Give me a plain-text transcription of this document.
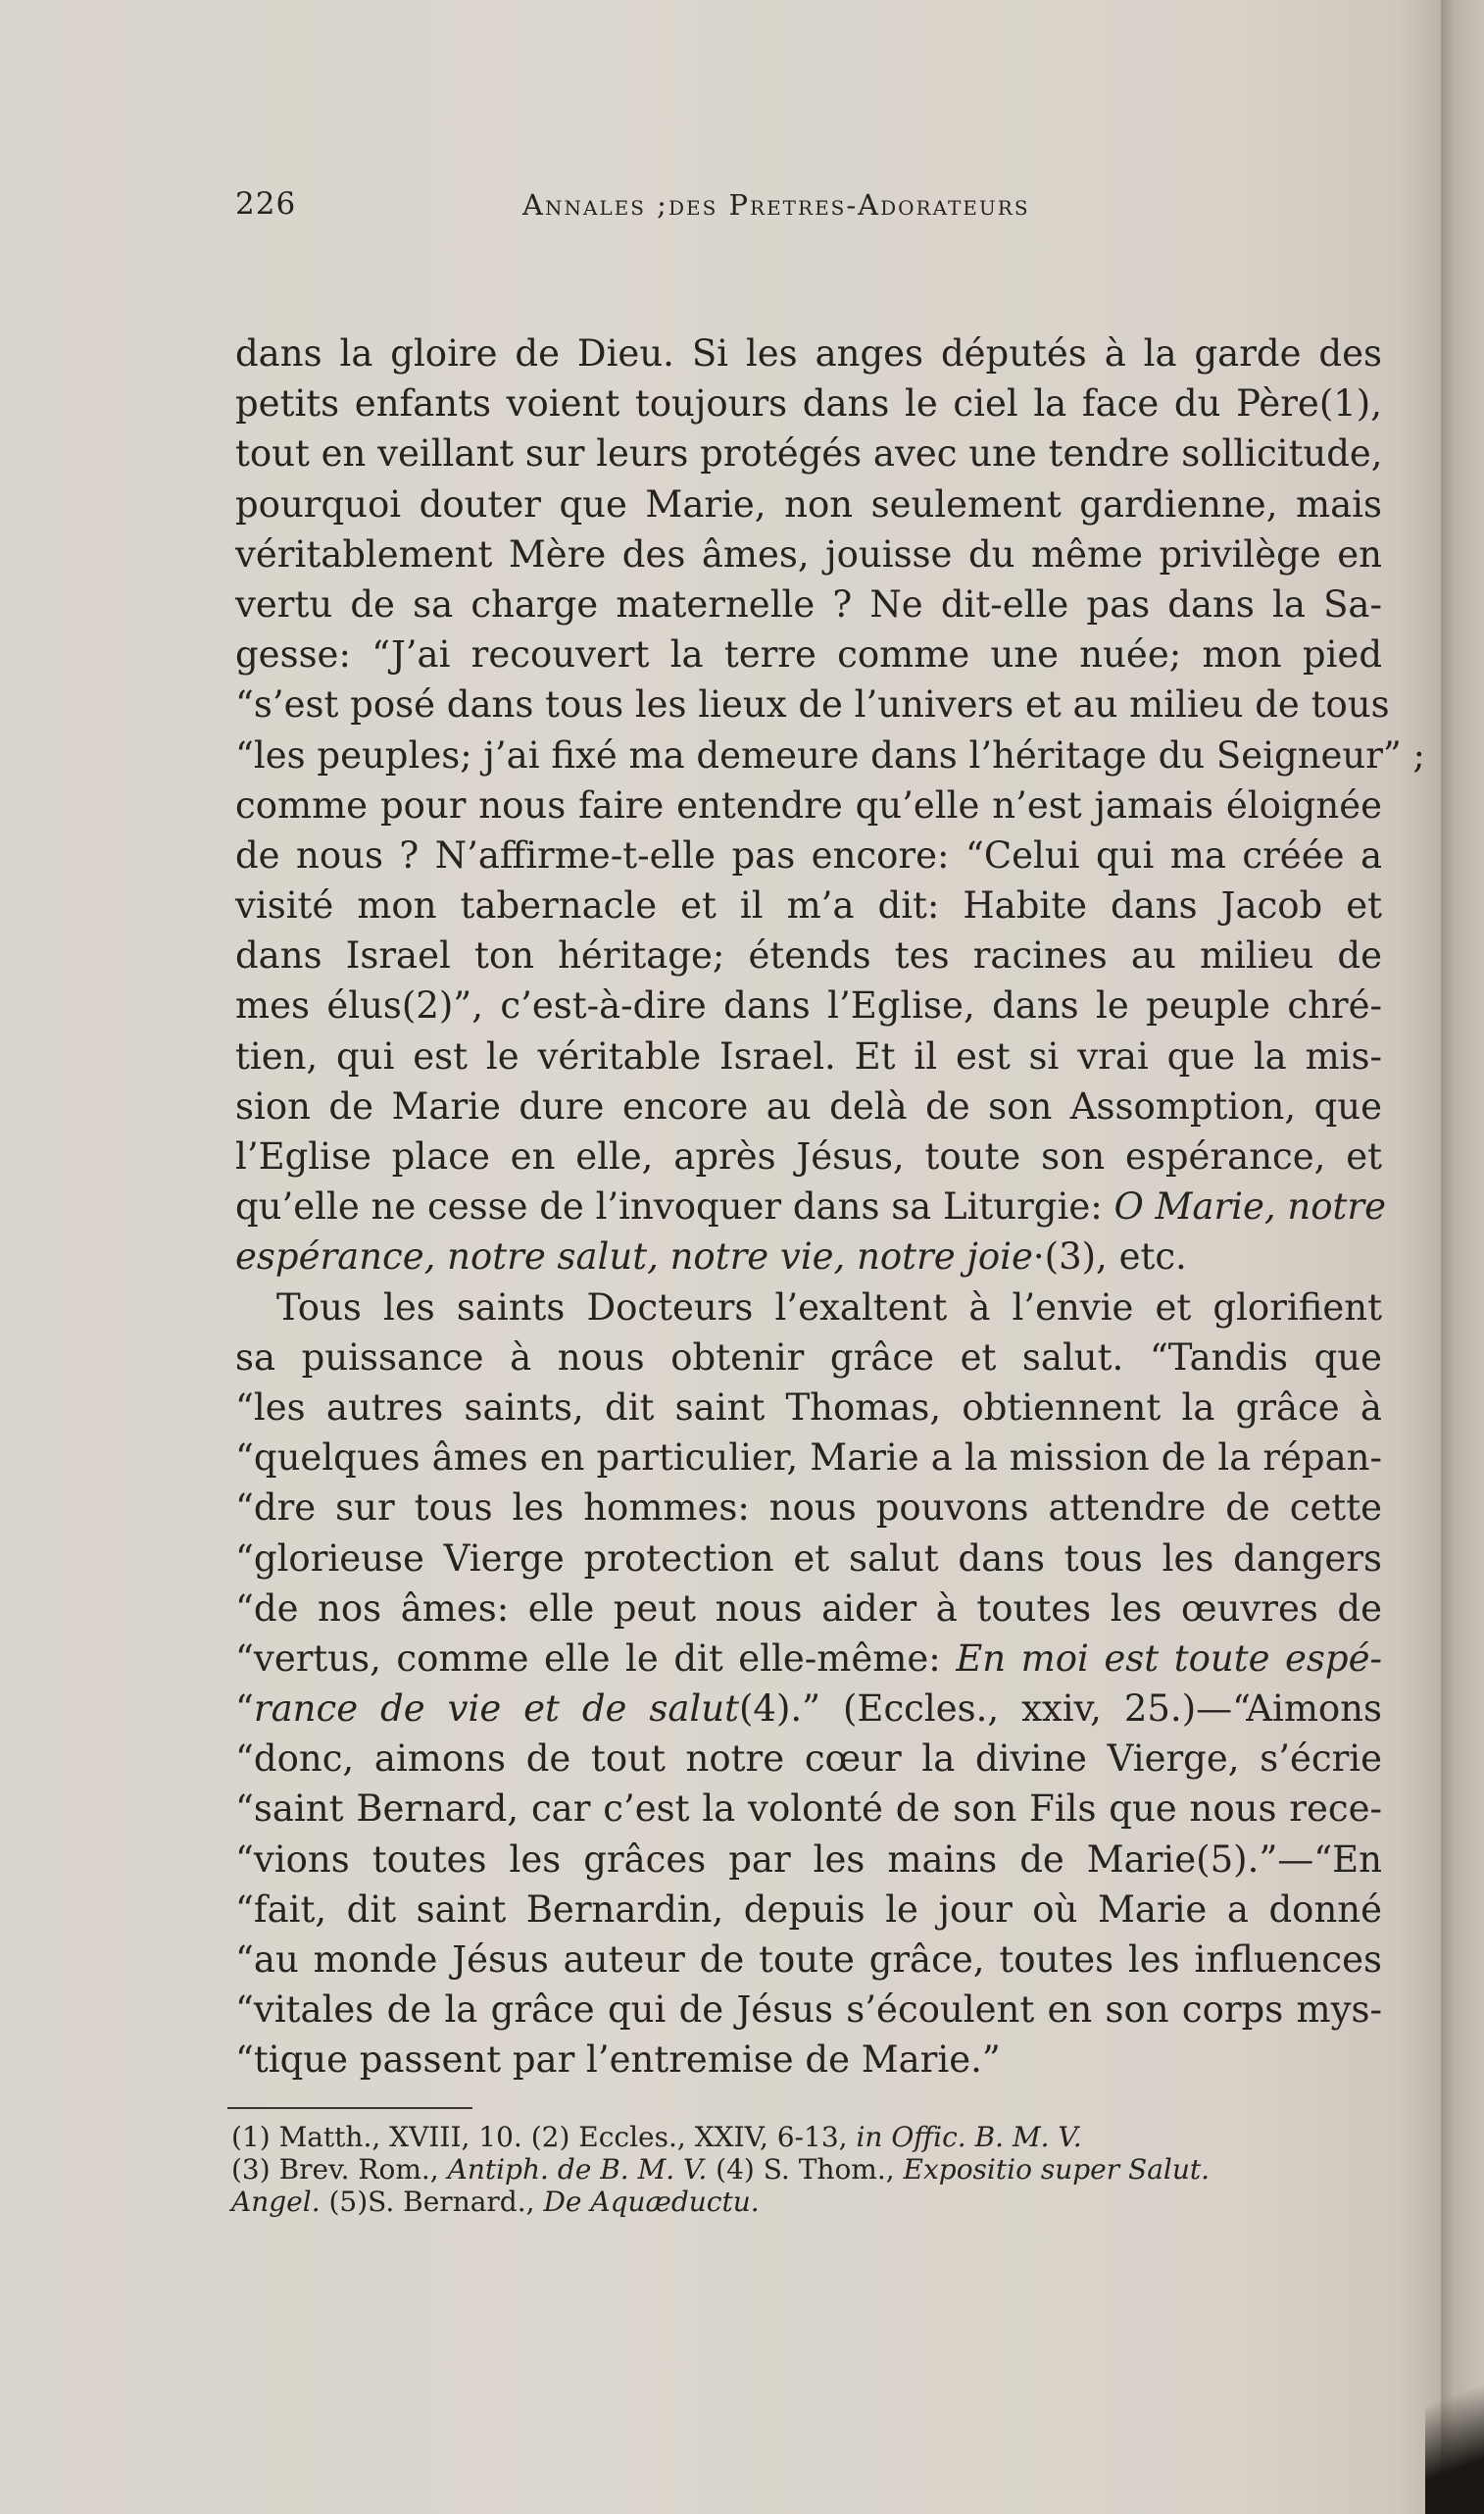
226	Annales ;des Pretres-Adorateurs
dans la gloire de Dieu. Si les anges députés à la garde des
petits enfants voient toujours dans le ciel la face du Père(1),
tout en veillant sur leurs protégés avec une tendre sollicitude,
pourquoi douter que Marie, non seulement gardienne, mais
véritablement Mère des âmes, jouisse du même privilège en
vertu de sa charge maternelle ? Ne dit-elle pas dans la Sa-
gesse: “J’ai recouvert la terre comme une nuée; mon pied
“s’est posé dans tous les lieux de l’univers et au milieu de tous
“les peuples; j’ai fixé ma demeure dans l’héritage du Seigneur” ;
comme pour nous faire entendre qu’elle n’est jamais éloignée
de nous ? N’affirme-t-elle pas encore: “Celui qui ma créée a
visité mon tabernacle et il m’a dit: Habite dans Jacob et
dans Israel ton héritage; étends tes racines au milieu de
mes élus(2)”, c’est-à-dire dans l’Eglise, dans le peuple chré-
tien, qui est le véritable Israel. Et il est si vrai que la mis-
sion de Marie dure encore au delà de son Assomption, que
l’Eglise place en elle, après Jésus, toute son espérance, et
qu’elle ne cesse de l’invoquer dans sa Liturgie: O Marie, notre
espérance, notre salut, notre vie, notre joie·(3), etc.
Tous les saints Docteurs l’exaltent à l’envie et glorifient
sa puissance à nous obtenir grâce et salut. “Tandis que
“les autres saints, dit saint Thomas, obtiennent la grâce à
“quelques âmes en particulier, Marie a la mission de la répan-
“dre sur tous les hommes: nous pouvons attendre de cette
“glorieuse Vierge protection et salut dans tous les dangers
“de nos âmes: elle peut nous aider à toutes les œuvres de
“vertus, comme elle le dit elle-même: En moi est toute espé-
“rance de vie et de salut(4).” (Eccles., xxiv, 25.)—“Aimons
“donc, aimons de tout notre cœur la divine Vierge, s’écrie
“saint Bernard, car c’est la volonté de son Fils que nous rece-
“vions toutes les grâces par les mains de Marie(5).”—“En
“fait, dit saint Bernardin, depuis le jour où Marie a donné
“au monde Jésus auteur de toute grâce, toutes les influences
“vitales de la grâce qui de Jésus s’écoulent en son corps mys-
“tique passent par l’entremise de Marie.”
(1) Matth., XVIII, 10. (2) Eccles., XXIV, 6-13, in Offic. B. M. V.
(3) Brev. Rom., Antiph. de B. M. V. (4) S. Thom., Expositio super Salut.
Angel. (5)S. Bernard., De Aquæductu.
